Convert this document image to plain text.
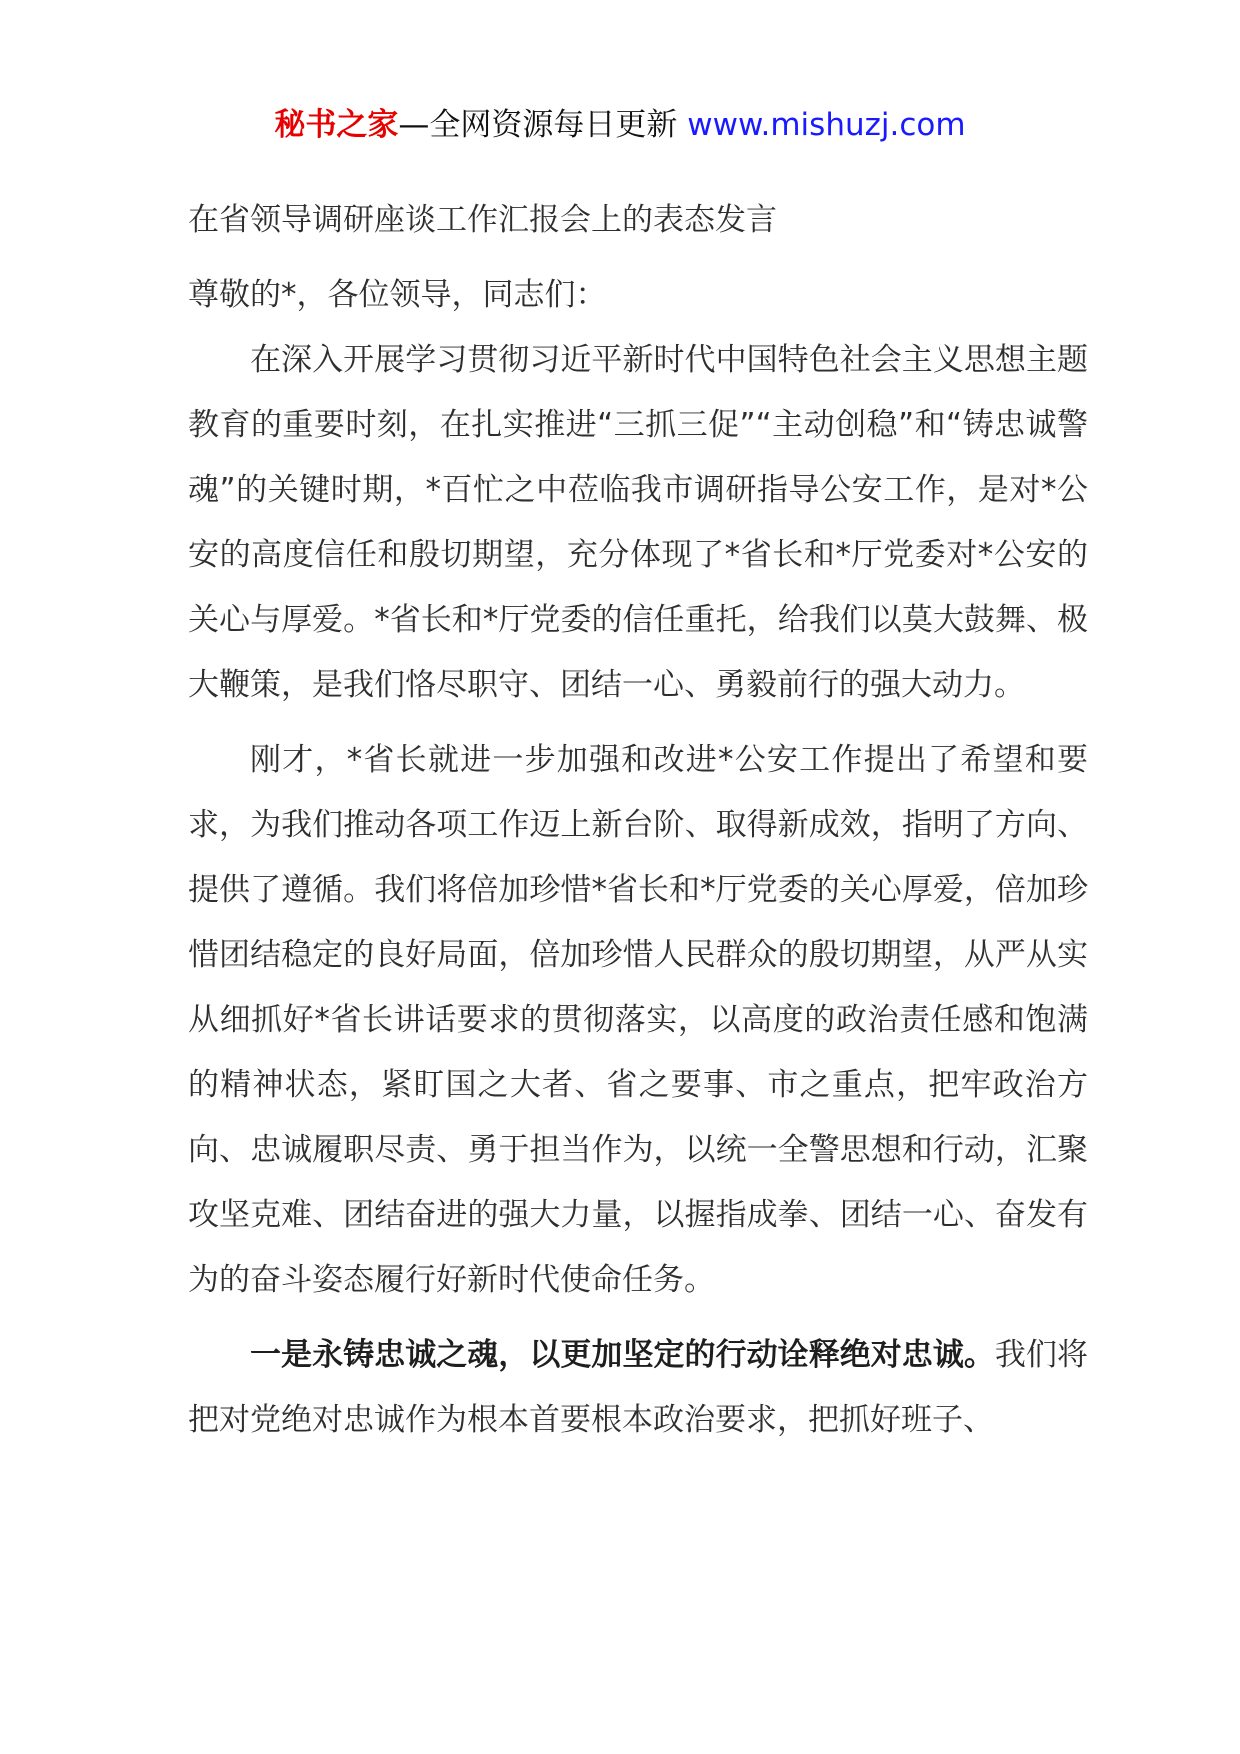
秘书之家—全网资源每日更新 www.mishuzj.com
在省领导调研座谈工作汇报会上的表态发言

尊敬的*，各位领导，同志们：

在深入开展学习贯彻习近平新时代中国特色社会主义思想主题教育的重要时刻，在扎实推进“三抓三促”“主动创稳”和“铸忠诚警魂”的关键时期，*百忙之中莅临我市调研指导公安工作，是对*公安的高度信任和殷切期望，充分体现了*省长和*厅党委对*公安的关心与厚爱。*省长和*厅党委的信任重托，给我们以莫大鼓舞、极大鞭策，是我们恪尽职守、团结一心、勇毅前行的强大动力。

刚才，*省长就进一步加强和改进*公安工作提出了希望和要求，为我们推动各项工作迈上新台阶、取得新成效，指明了方向、提供了遵循。我们将倍加珍惜*省长和*厅党委的关心厚爱，倍加珍惜团结稳定的良好局面，倍加珍惜人民群众的殷切期望，从严从实从细抓好*省长讲话要求的贯彻落实，以高度的政治责任感和饱满的精神状态，紧盯国之大者、省之要事、市之重点，把牢政治方向、忠诚履职尽责、勇于担当作为，以统一全警思想和行动，汇聚攻坚克难、团结奋进的强大力量，以握指成拳、团结一心、奋发有为的奋斗姿态履行好新时代使命任务。

一是永铸忠诚之魂，以更加坚定的行动诠释绝对忠诚。我们将把对党绝对忠诚作为根本首要根本政治要求，把抓好班子、
